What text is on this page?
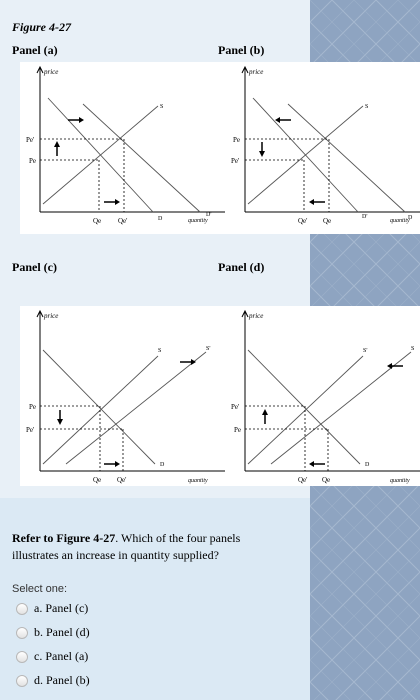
Figure 4-27
Panel (a)	Panel (b)
Panel (c)	Panel (d)
price
quantity
S
D
D'
Pe'
Pe
Qe Qe'
price
quantity
S
D'	D
Pe
Pe'
Qe' Qe
price
quantity
D
S	S'
Pe
Pe'
Qe Qe'
price
quantity
D
S'	S
Pe'
Pe
Qe' Qe
Refer to Figure 4-27. Which of the four panels illustrates an increase in quantity supplied?
Select one:
a.
Panel (c)
b.
Panel (d)
c.
Panel (a)
d.
Panel (b)
